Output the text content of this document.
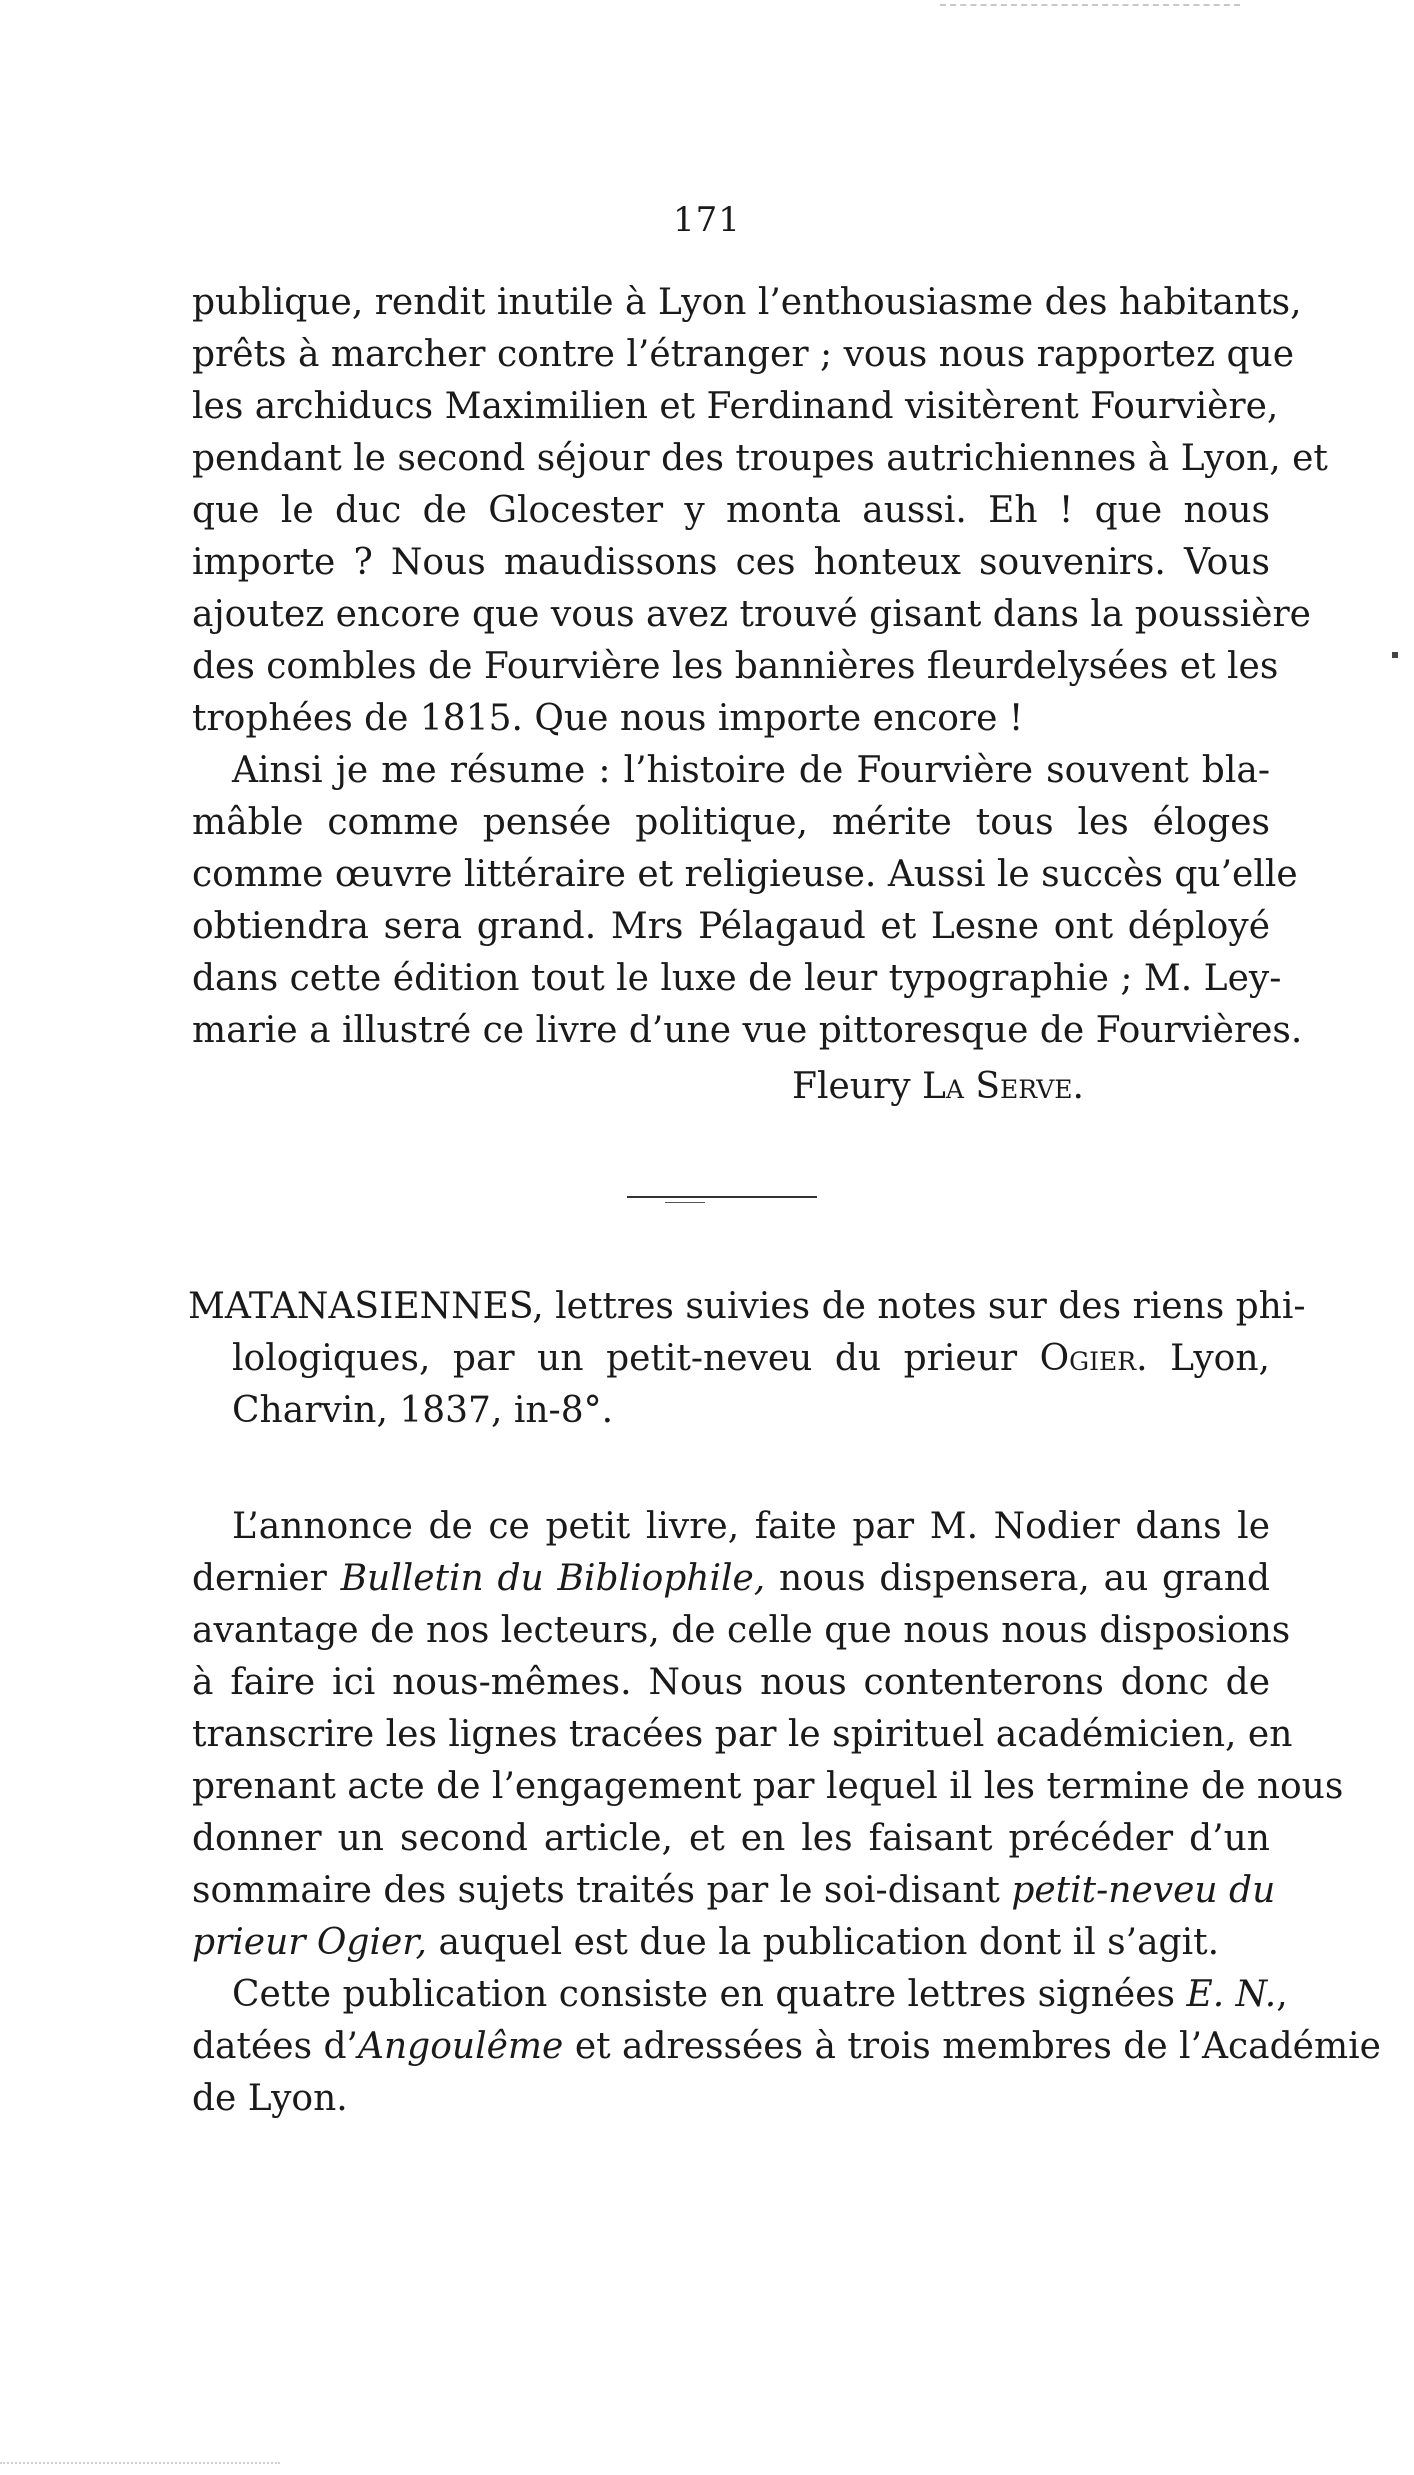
171
publique, rendit inutile à Lyon l’enthousiasme des habitants,
prêts à marcher contre l’étranger ; vous nous rapportez que
les archiducs Maximilien et Ferdinand visitèrent Fourvière,
pendant le second séjour des troupes autrichiennes à Lyon, et
que le duc de Glocester y monta aussi. Eh ! que nous
importe ? Nous maudissons ces honteux souvenirs. Vous
ajoutez encore que vous avez trouvé gisant dans la poussière
des combles de Fourvière les bannières fleurdelysées et les
trophées de 1815. Que nous importe encore !
Ainsi je me résume : l’histoire de Fourvière souvent bla-
mâble comme pensée politique, mérite tous les éloges
comme œuvre littéraire et religieuse. Aussi le succès qu’elle
obtiendra sera grand. Mrs Pélagaud et Lesne ont déployé
dans cette édition tout le luxe de leur typographie ; M. Ley-
marie a illustré ce livre d’une vue pittoresque de Fourvières.
Fleury La Serve.
MATANASIENNES, lettres suivies de notes sur des riens phi-
lologiques, par un petit-neveu du prieur Ogier. Lyon,
Charvin, 1837, in-8°.
L’annonce de ce petit livre, faite par M. Nodier dans le
dernier Bulletin du Bibliophile, nous dispensera, au grand
avantage de nos lecteurs, de celle que nous nous disposions
à faire ici nous-mêmes. Nous nous contenterons donc de
transcrire les lignes tracées par le spirituel académicien, en
prenant acte de l’engagement par lequel il les termine de nous
donner un second article, et en les faisant précéder d’un
sommaire des sujets traités par le soi-disant petit-neveu du
prieur Ogier, auquel est due la publication dont il s’agit.
Cette publication consiste en quatre lettres signées E. N.,
datées d’Angoulême et adressées à trois membres de l’Académie
de Lyon.
